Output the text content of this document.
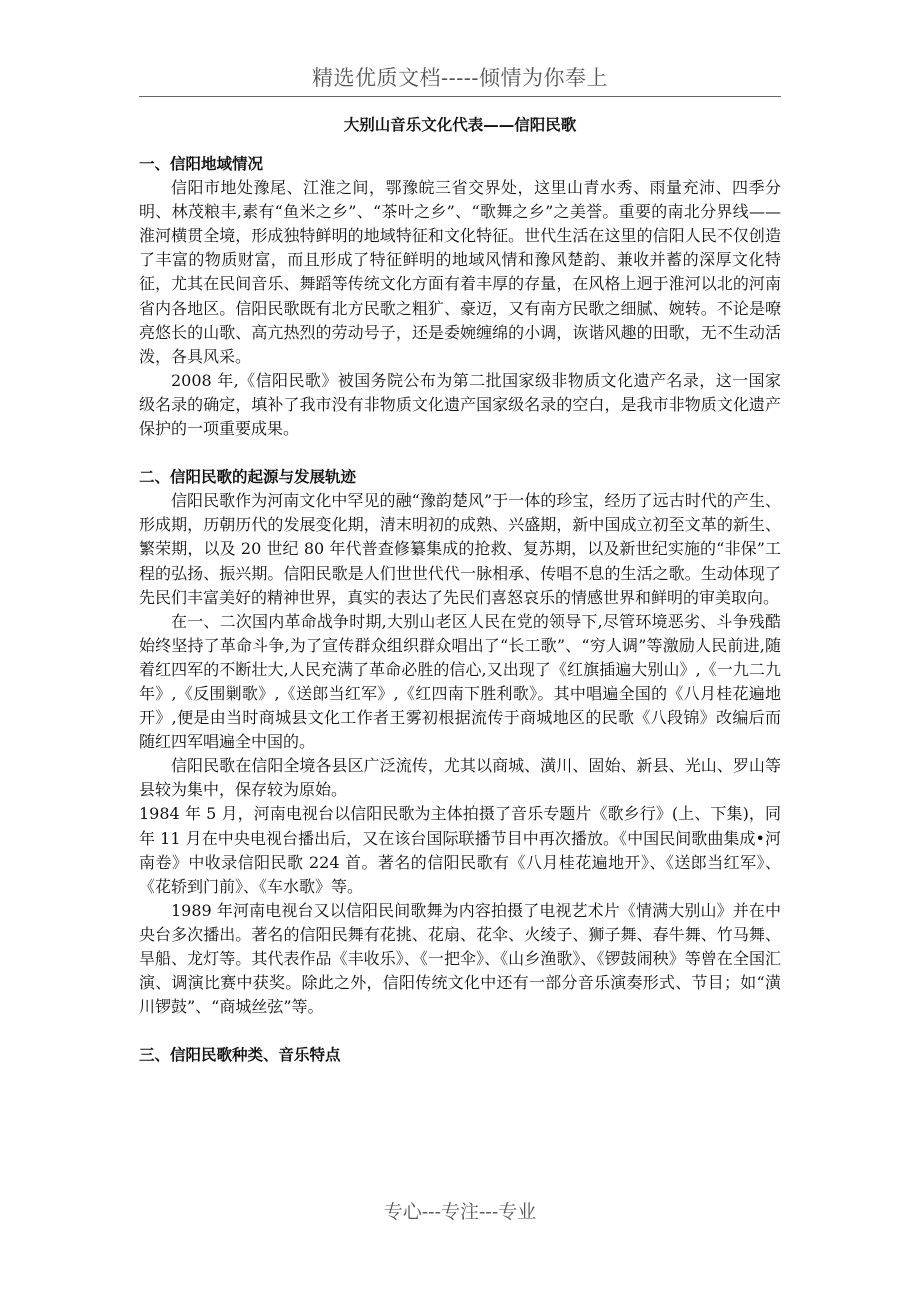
精选优质文档-----倾情为你奉上
大别山音乐文化代表——信阳民歌
一、信阳地域情况

信阳市地处豫尾、江淮之间，鄂豫皖三省交界处，这里山青水秀、雨量充沛、四季分明、林茂粮丰,素有“鱼米之乡”、“茶叶之乡”、“歌舞之乡”之美誉。重要的南北分界线——淮河横贯全境，形成独特鲜明的地域特征和文化特征。世代生活在这里的信阳人民不仅创造了丰富的物质财富，而且形成了特征鲜明的地域风情和豫风楚韵、兼收并蓄的深厚文化特征，尤其在民间音乐、舞蹈等传统文化方面有着丰厚的存量，在风格上迥于淮河以北的河南省内各地区。信阳民歌既有北方民歌之粗犷、豪迈，又有南方民歌之细腻、婉转。不论是嘹亮悠长的山歌、高亢热烈的劳动号子，还是委婉缠绵的小调，诙谐风趣的田歌，无不生动活泼，各具风采。

2008 年,《信阳民歌》被国务院公布为第二批国家级非物质文化遗产名录，这一国家级名录的确定，填补了我市没有非物质文化遗产国家级名录的空白，是我市非物质文化遗产保护的一项重要成果。

二、信阳民歌的起源与发展轨迹

信阳民歌作为河南文化中罕见的融“豫韵楚风”于一体的珍宝，经历了远古时代的产生、形成期，历朝历代的发展变化期，清末明初的成熟、兴盛期，新中国成立初至文革的新生、繁荣期，以及 20 世纪 80 年代普查修纂集成的抢救、复苏期，以及新世纪实施的“非保”工程的弘扬、振兴期。信阳民歌是人们世世代代一脉相承、传唱不息的生活之歌。生动体现了先民们丰富美好的精神世界，真实的表达了先民们喜怒哀乐的情感世界和鲜明的审美取向。

在一、二次国内革命战争时期,大别山老区人民在党的领导下,尽管环境恶劣、斗争残酷始终坚持了革命斗争,为了宣传群众组织群众唱出了“长工歌”、“穷人调”等激励人民前进,随着红四军的不断壮大,人民充满了革命必胜的信心,又出现了《红旗插遍大别山》,《一九二九年》,《反围剿歌》,《送郎当红军》,《红四南下胜利歌》。其中唱遍全国的《八月桂花遍地开》,便是由当时商城县文化工作者王雾初根据流传于商城地区的民歌《八段锦》改编后而随红四军唱遍全中国的。

信阳民歌在信阳全境各县区广泛流传，尤其以商城、潢川、固始、新县、光山、罗山等县较为集中，保存较为原始。

1984 年 5 月，河南电视台以信阳民歌为主体拍摄了音乐专题片《歌乡行》(上、下集)，同年 11 月在中央电视台播出后，又在该台国际联播节目中再次播放。《中国民间歌曲集成•河南卷》中收录信阳民歌 224 首。著名的信阳民歌有《八月桂花遍地开》、《送郎当红军》、《花轿到门前》、《车水歌》等。

1989 年河南电视台又以信阳民间歌舞为内容拍摄了电视艺术片《情满大别山》并在中央台多次播出。著名的信阳民舞有花挑、花扇、花伞、火绫子、狮子舞、春牛舞、竹马舞、旱船、龙灯等。其代表作品《丰收乐》、《一把伞》、《山乡渔歌》、《锣鼓闹秧》等曾在全国汇演、调演比赛中获奖。除此之外，信阳传统文化中还有一部分音乐演奏形式、节目；如“潢川锣鼓”、“商城丝弦”等。

三、信阳民歌种类、音乐特点
专心---专注---专业
